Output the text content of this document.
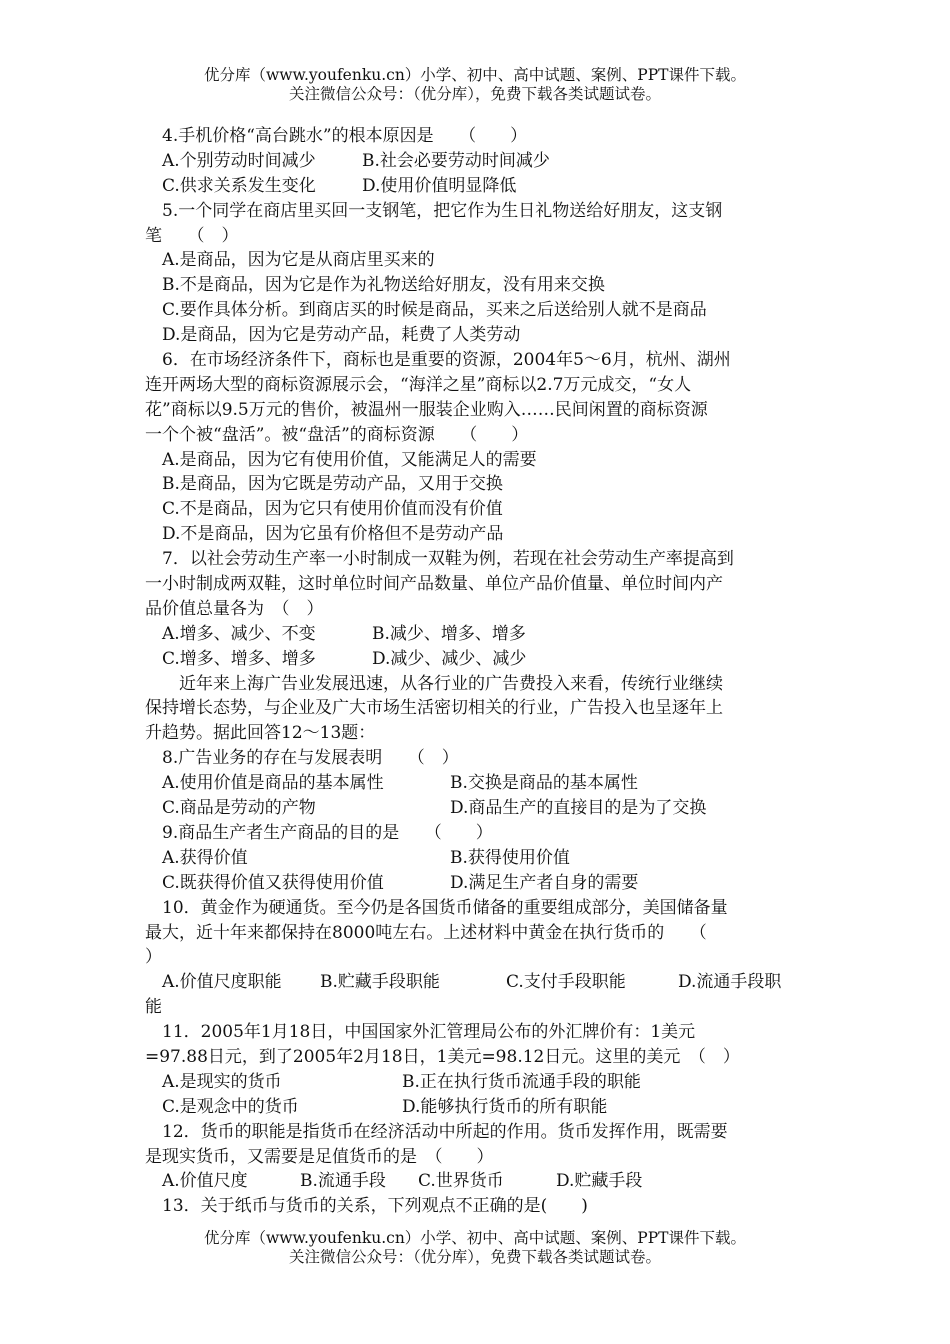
优分库（www.youfenku.cn）小学、初中、高中试题、案例、PPT课件下载。
关注微信公众号：（优分库），免费下载各类试题试卷。
4.手机价格“高台跳水”的根本原因是　　（　　）
A.个别劳动时间减少	B.社会必要劳动时间减少
C.供求关系发生变化	D.使用价值明显降低
5.一个同学在商店里买回一支钢笔，把它作为生日礼物送给好朋友，这支钢
笔　　（　）
A.是商品，因为它是从商店里买来的
B.不是商品，因为它是作为礼物送给好朋友，没有用来交换
C.要作具体分析。到商店买的时候是商品，买来之后送给别人就不是商品
D.是商品，因为它是劳动产品，耗费了人类劳动
6．在市场经济条件下，商标也是重要的资源，2004年5～6月，杭州、湖州
连开两场大型的商标资源展示会，“海洋之星”商标以2.7万元成交，“女人
花”商标以9.5万元的售价，被温州一服装企业购入……民间闲置的商标资源
一个个被“盘活”。被“盘活”的商标资源　　（　　）
A.是商品，因为它有使用价值，又能满足人的需要
B.是商品，因为它既是劳动产品，又用于交换
C.不是商品，因为它只有使用价值而没有价值
D.不是商品，因为它虽有价格但不是劳动产品
7．以社会劳动生产率一小时制成一双鞋为例，若现在社会劳动生产率提高到
一小时制成两双鞋，这时单位时间产品数量、单位产品价值量、单位时间内产
品价值总量各为　（　）
A.增多、减少、不变	B.减少、增多、增多
C.增多、增多、增多	D.减少、减少、减少
近年来上海广告业发展迅速，从各行业的广告费投入来看，传统行业继续
保持增长态势，与企业及广大市场生活密切相关的行业，广告投入也呈逐年上
升趋势。据此回答12～13题：
8.广告业务的存在与发展表明　　（　）
A.使用价值是商品的基本属性	B.交换是商品的基本属性
C.商品是劳动的产物	D.商品生产的直接目的是为了交换
9.商品生产者生产商品的目的是　　（　　）
A.获得价值	B.获得使用价值
C.既获得价值又获得使用价值	D.满足生产者自身的需要
10．黄金作为硬通货。至今仍是各国货币储备的重要组成部分，美国储备量
最大，近十年来都保持在8000吨左右。上述材料中黄金在执行货币的　　（
）
A.价值尺度职能	B.贮藏手段职能	C.支付手段职能	D.流通手段职
能
11．2005年1月18日，中国国家外汇管理局公布的外汇牌价有：1美元
=97.88日元，到了2005年2月18日，1美元=98.12日元。这里的美元　（　）
A.是现实的货币	B.正在执行货币流通手段的职能
C.是观念中的货币	D.能够执行货币的所有职能
12．货币的职能是指货币在经济活动中所起的作用。货币发挥作用，既需要
是现实货币，又需要是足值货币的是　（　　）
A.价值尺度	B.流通手段	C.世界货币	D.贮藏手段
13．关于纸币与货币的关系，下列观点不正确的是(　　)
优分库（www.youfenku.cn）小学、初中、高中试题、案例、PPT课件下载。
关注微信公众号：（优分库），免费下载各类试题试卷。
